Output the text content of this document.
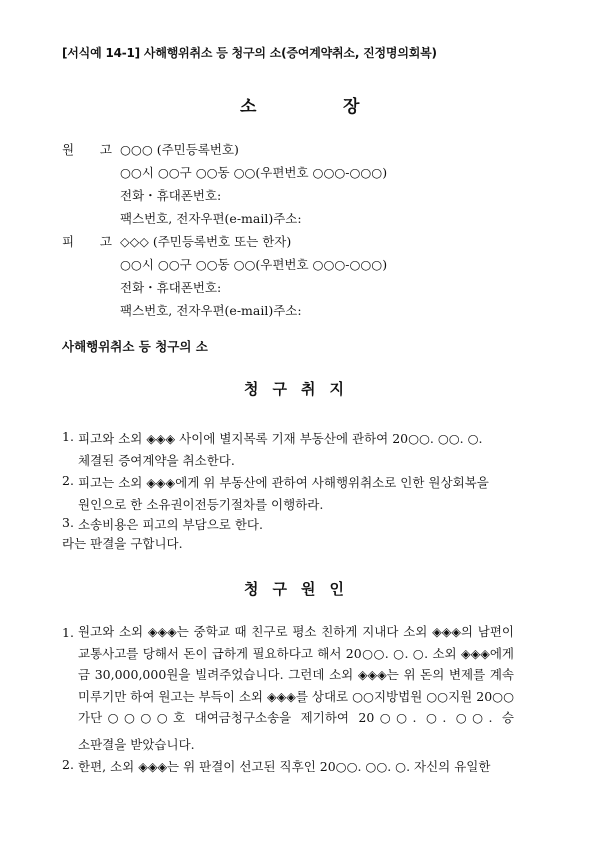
[서식예 14-1] 사해행위취소 등 청구의 소(증여계약취소, 진정명의회복)
소	장
원 고 ○○○ (주민등록번호)
○○시 ○○구 ○○동 ○○(우편번호 ○○○-○○○)
전화・휴대폰번호:
팩스번호, 전자우편(e-mail)주소:
피 고 ◇◇◇ (주민등록번호 또는 한자)
○○시 ○○구 ○○동 ○○(우편번호 ○○○-○○○)
전화・휴대폰번호:
팩스번호, 전자우편(e-mail)주소:
사해행위취소 등 청구의 소
청구취지
1. 피고와 소외 ◈◈◈ 사이에 별지목록 기재 부동산에 관하여 20○○. ○○. ○.
체결된 증여계약을 취소한다.
2. 피고는 소외 ◈◈◈에게 위 부동산에 관하여 사해행위취소로 인한 원상회복을
원인으로 한 소유권이전등기절차를 이행하라.
3. 소송비용은 피고의 부담으로 한다.
라는 판결을 구합니다.
청구원인
1. 원고와 소외 ◈◈◈는 중학교 때 친구로 평소 친하게 지내다 소외 ◈◈◈의 남편이 교통사고를 당해서 돈이 급하게 필요하다고 해서 20○○. ○. ○. 소외 ◈◈◈에게 금 30,000,000원을 빌려주었습니다. 그런데 소외 ◈◈◈는 위 돈의 변제를 계속 미루기만 하여 원고는 부득이 소외 ◈◈◈를 상대로 ○○지방법원 ○○지원 20○○가단○○○○호 대여금청구소송을 제기하여 20○○. ○. ○○. 승
소판결을 받았습니다.
2. 한편, 소외 ◈◈◈는 위 판결이 선고된 직후인 20○○. ○○. ○. 자신의 유일한
